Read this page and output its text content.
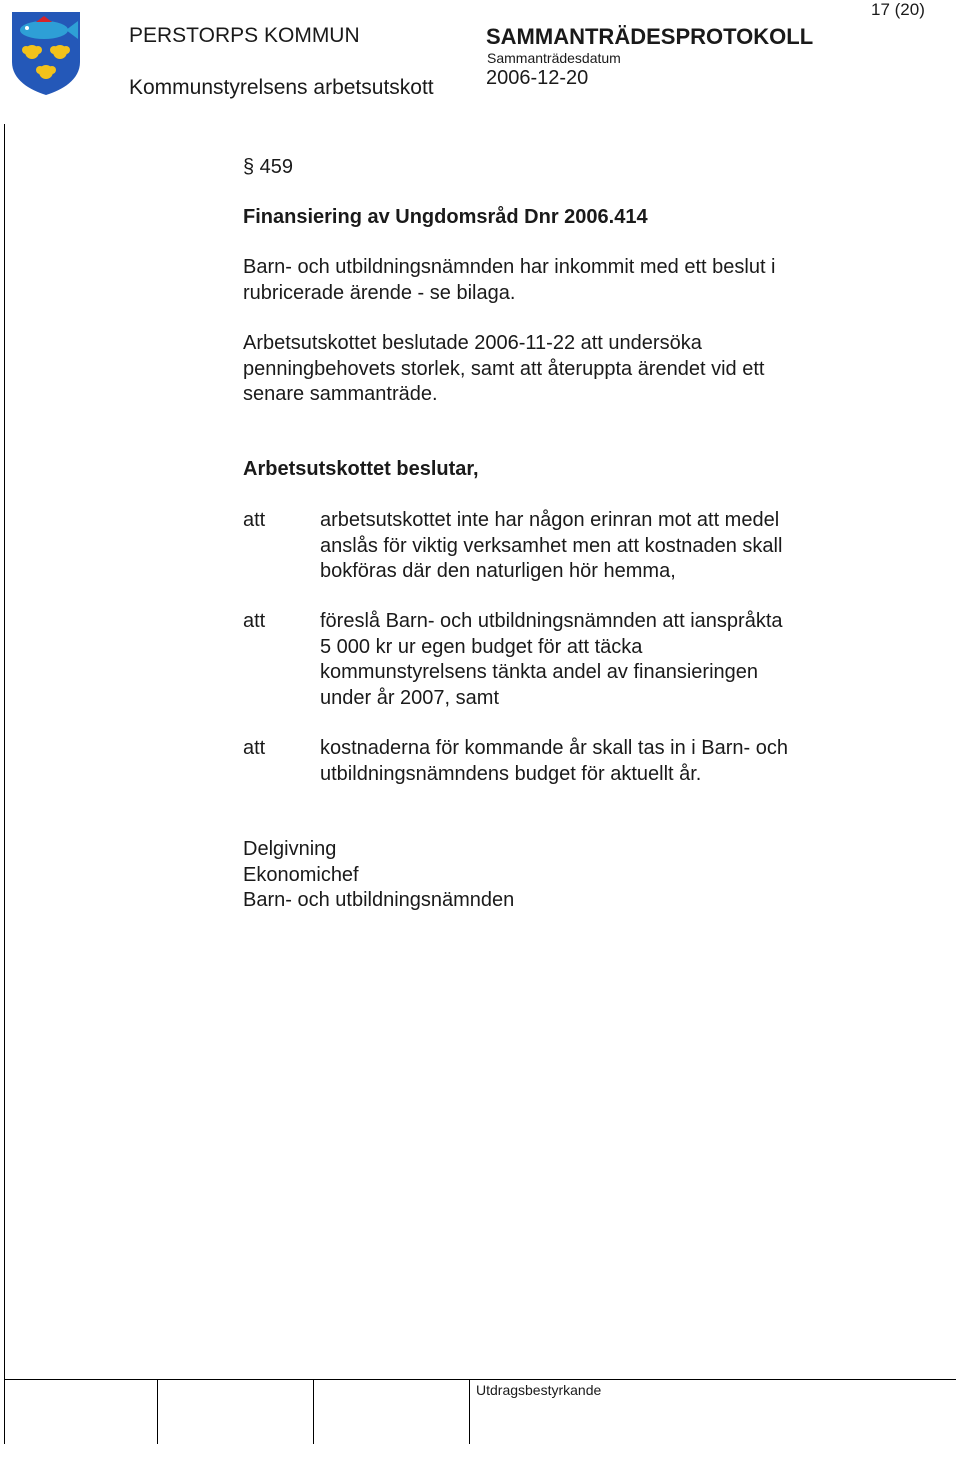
PERSTORPS KOMMUN
Kommunstyrelsens arbetsutskott
SAMMANTRÄDESPROTOKOLL
Sammanträdesdatum
2006-12-20
17 (20)
§ 459
Finansiering av Ungdomsråd Dnr 2006.414
Barn- och utbildningsnämnden har inkommit med ett beslut i
rubricerade ärende - se bilaga.
Arbetsutskottet beslutade 2006-11-22 att undersöka
penningbehovets storlek, samt att återuppta ärendet vid ett
senare sammanträde.
Arbetsutskottet beslutar,
att	arbetsutskottet inte har någon erinran mot att medel
anslås för viktig verksamhet men att kostnaden skall
bokföras där den naturligen hör hemma,
att	föreslå Barn- och utbildningsnämnden att ianspråkta
5 000 kr ur egen budget för att täcka
kommunstyrelsens tänkta andel av finansieringen
under år 2007, samt
att	kostnaderna för kommande år skall tas in i Barn- och
utbildningsnämndens budget för aktuellt år.
Delgivning
Ekonomichef
Barn- och utbildningsnämnden
Utdragsbestyrkande
